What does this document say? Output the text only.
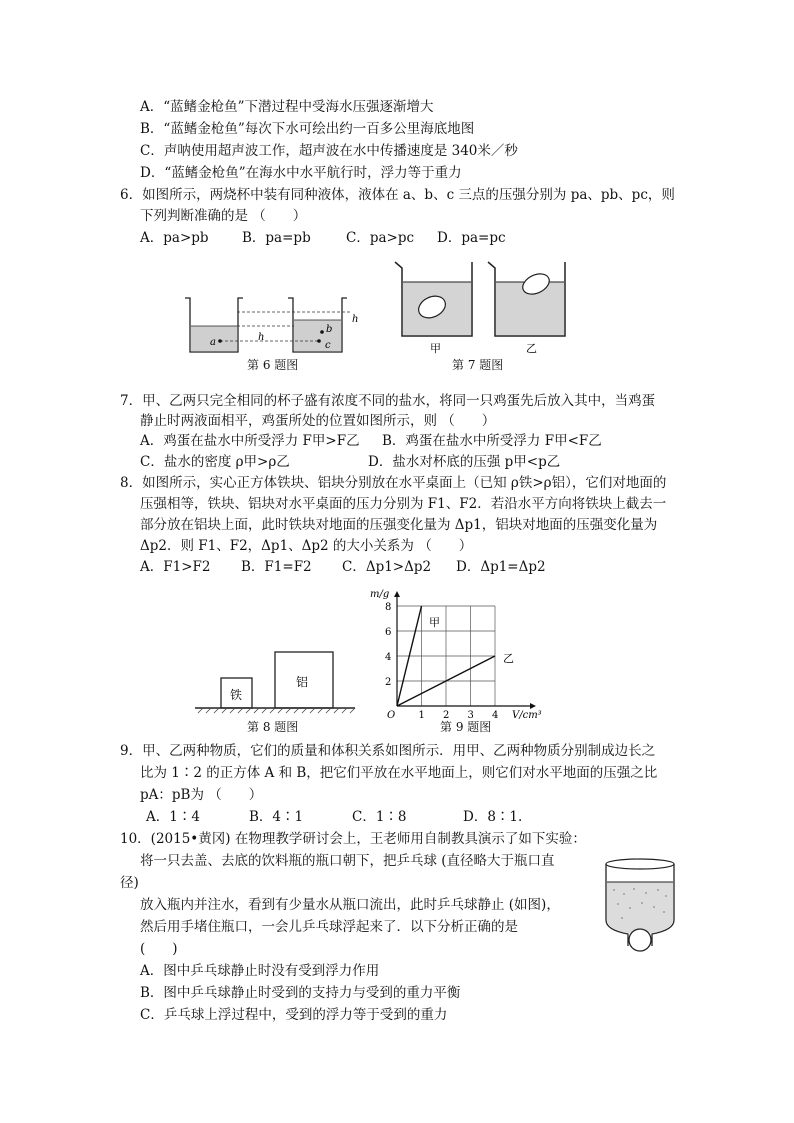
A．“蓝鳍金枪鱼”下潜过程中受海水压强逐渐增大
B．“蓝鳍金枪鱼”每次下水可绘出约一百多公里海底地图
C．声呐使用超声波工作，超声波在水中传播速度是 340米／秒
D．“蓝鳍金枪鱼”在海水中水平航行时，浮力等于重力
6．如图所示，两烧杯中装有同种液体，液体在 a、b、c 三点的压强分别为 pa、pb、pc，则
下列判断准确的是 （　　）
A．pa>pb B．pa=pb	C．pa>pc D．pa=pc
a
b
c
h
h
第 6 题图
甲	乙
第 7 题图
7．甲、乙两只完全相同的杯子盛有浓度不同的盐水，将同一只鸡蛋先后放入其中，当鸡蛋
静止时两液面相平，鸡蛋所处的位置如图所示，则 （　　）
A．鸡蛋在盐水中所受浮力 F甲>F乙 B．鸡蛋在盐水中所受浮力 F甲<F乙
C．盐水的密度 ρ甲>ρ乙	D．盐水对杯底的压强 p甲<p乙
8．如图所示，实心正方体铁块、铝块分别放在水平桌面上（已知 ρ铁>ρ铝），它们对地面的
压强相等，铁块、铝块对水平桌面的压力分别为 F1、F2．若沿水平方向将铁块上截去一
部分放在铝块上面，此时铁块对地面的压强变化量为 Δp1，铝块对地面的压强变化量为
Δp2．则 F1、F2，Δp1、Δp2 的大小关系为 （　　）
A．F1>F2 B．F1=F2 C．Δp1>Δp2 D．Δp1=Δp2
铁
铝
第 8 题图
1 2 3 4
2
4
6
8
m/g
V/cm³
O
甲
乙
第 9 题图
9．甲、乙两种物质，它们的质量和体积关系如图所示．用甲、乙两种物质分别制成边长之
比为 1∶2 的正方体 A 和 B，把它们平放在水平地面上，则它们对水平地面的压强之比
pA：pB为 （　　）
A．1∶4	B．4∶1	C．1∶8	D．8∶1.
10．(2015•黄冈) 在物理教学研讨会上，王老师用自制教具演示了如下实验：
将一只去盖、去底的饮料瓶的瓶口朝下，把乒乓球 (直径略大于瓶口直
径)
放入瓶内并注水，看到有少量水从瓶口流出，此时乒乓球静止 (如图)，
然后用手堵住瓶口，一会儿乒乓球浮起来了．以下分析正确的是
(　　)
A．图中乒乓球静止时没有受到浮力作用
B．图中乒乓球静止时受到的支持力与受到的重力平衡
C．乒乓球上浮过程中，受到的浮力等于受到的重力
